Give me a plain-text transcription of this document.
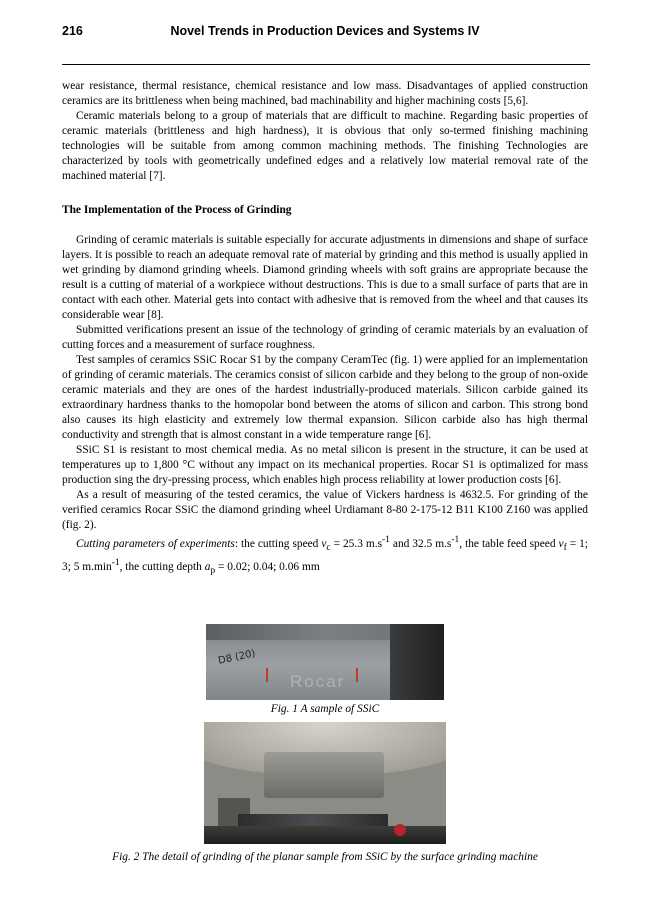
216	Novel Trends in Production Devices and Systems IV

wear resistance, thermal resistance, chemical resistance and low mass. Disadvantages of applied construction ceramics are its brittleness when being machined, bad machinability and higher machining costs [5,6].

Ceramic materials belong to a group of materials that are difficult to machine. Regarding basic properties of ceramic materials (brittleness and high hardness), it is obvious that only so-termed finishing machining technologies will be suitable from among common machining methods. The finishing Technologies are characterized by tools with geometrically undefined edges and a relatively low material removal rate of the machined material [7].

The Implementation of the Process of Grinding

Grinding of ceramic materials is suitable especially for accurate adjustments in dimensions and shape of surface layers. It is possible to reach an adequate removal rate of material by grinding and this method is usually applied in wet grinding by diamond grinding wheels. Diamond grinding wheels with soft grains are appropriate because the result is a cutting of material of a workpiece without destructions. This is due to a small surface of parts that are in contact with each other. Material gets into contact with adhesive that is removed from the wheel and that causes its considerable wear [8].

Submitted verifications present an issue of the technology of grinding of ceramic materials by an evaluation of cutting forces and a measurement of surface roughness.

Test samples of ceramics SSiC Rocar S1 by the company CeramTec (fig. 1) were applied for an implementation of grinding of ceramic materials. The ceramics consist of silicon carbide and they belong to the group of non-oxide ceramic materials and they are ones of the hardest industrially-produced materials. Silicon carbide gained its extraordinary hardness thanks to the homopolar bond between the atoms of silicon and carbon. This strong bond also causes its high elasticity and extremely low thermal expansion. Silicon carbide also has high thermal conductivity and strength that is almost constant in a wide temperature range [6].

SSiC S1 is resistant to most chemical media. As no metal silicon is present in the structure, it can be used at temperatures up to 1,800 °C without any impact on its mechanical properties. Rocar S1 is optimalized for mass production sing the dry-pressing process, which enables high process reliability at lower production costs [6].

As a result of measuring of the tested ceramics, the value of Vickers hardness is 4632.5. For grinding of the verified ceramics Rocar SSiC the diamond grinding wheel Urdiamant 8-80 2-175-12 B11 K100 Z160 was applied (fig. 2).

Cutting parameters of experiments: the cutting speed $v_c = 25.3$ $m.s^{-1}$ and 32.5 $m.s^{-1}$, the table feed speed $v_f = 1$; 3; 5 $m.\min^{-1}$, the cutting depth $a_p = 0.02$; 0.04; 0.06 mm

D8 (20)
Rocar
Fig. 1 A sample of SSiC
Fig. 2 The detail of grinding of the planar sample from SSiC by the surface grinding machine
